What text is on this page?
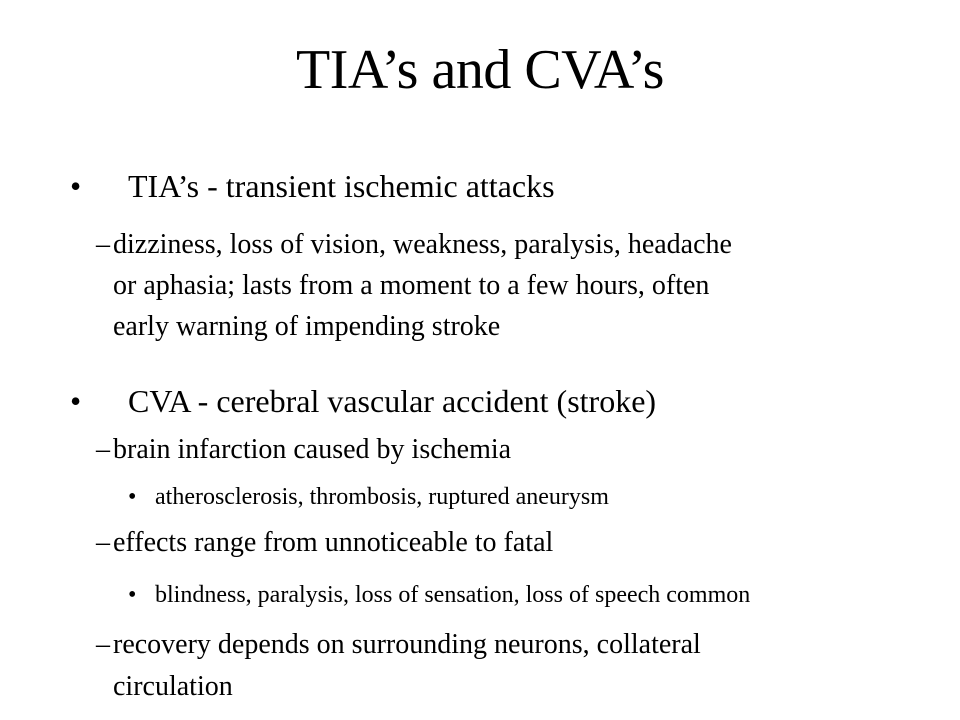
TIA’s and CVA’s
•	TIA’s - transient ischemic attacks
– dizziness, loss of vision, weakness, paralysis, headache
or aphasia; lasts from a moment to a few hours, often
early warning of impending stroke
•	CVA - cerebral vascular accident (stroke)
– brain infarction caused by ischemia
• atherosclerosis, thrombosis, ruptured aneurysm
– effects range from unnoticeable to fatal
• blindness, paralysis, loss of sensation, loss of speech common
– recovery depends on surrounding neurons, collateral
circulation
